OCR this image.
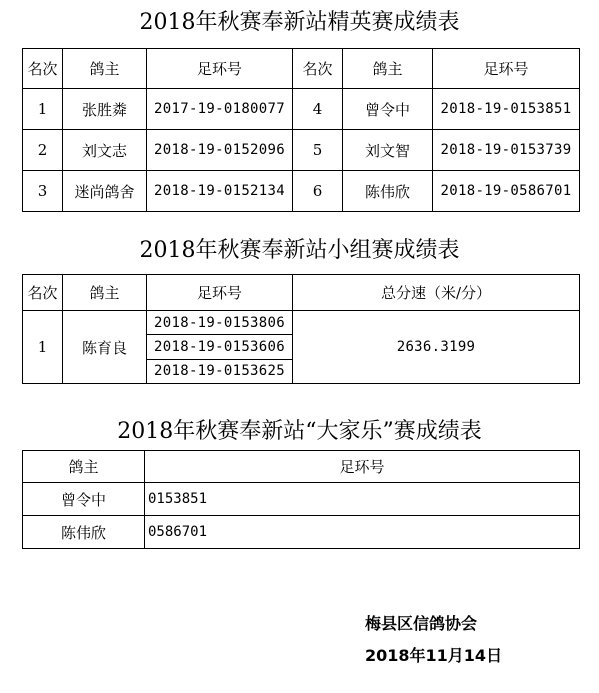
2018年秋赛奉新站精英赛成绩表
名次	鸽主	足环号	名次	鸽主	足环号
1	张胜粦	2017-19-0180077	4	曾令中	2018-19-0153851
2	刘文志	2018-19-0152096	5	刘文智	2018-19-0153739
3	迷尚鸽舍	2018-19-0152134	6	陈伟欣	2018-19-0586701
2018年秋赛奉新站小组赛成绩表
名次	鸽主	足环号	总分速（米/分）
1	陈育良	2018-19-0153806
2018-19-0153606
2018-19-0153625	2636.3199
2018年秋赛奉新站“大家乐”赛成绩表
鸽主	足环号
曾令中	0153851
陈伟欣	0586701
梅县区信鸽协会
2018年11月14日
